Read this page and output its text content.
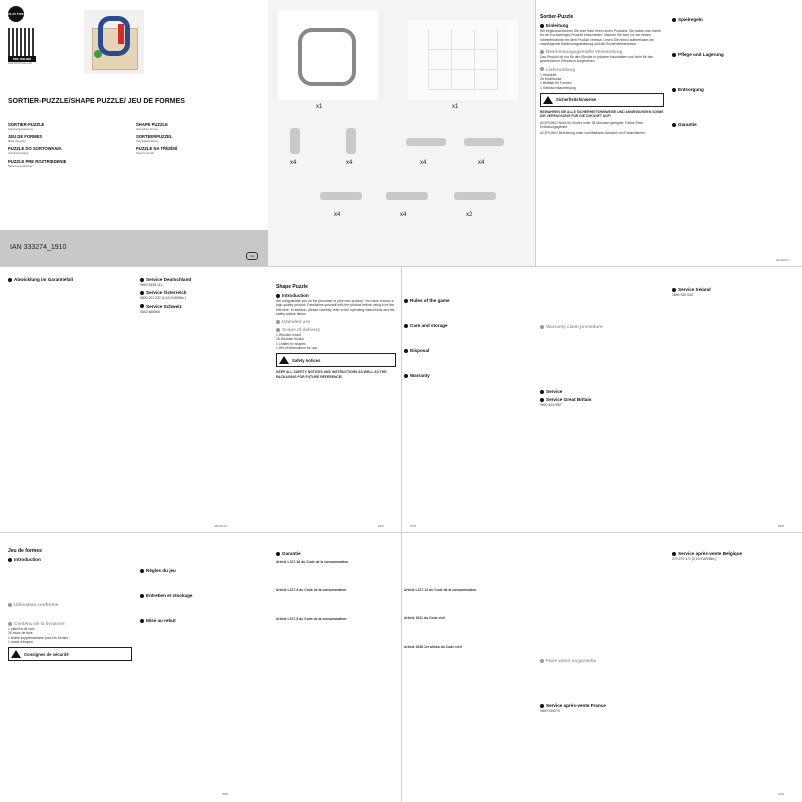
PLAY TIVE
PDF ONLINE
www.lidl-service.com
SORTIER-PUZZLE/SHAPE PUZZLE/ JEU DE FORMES
SORTIER-PUZZLE
Gebrauchsanweisung
JEU DE FORMES
Mode d'emploi
PUZZLE DO SORTOWANIA
Instrukcja obsługi
PUZZLE PRE ROZTRIEDENIE
Návod na používanie
SHAPE PUZZLE
Instructions for use
SORTEERPUZZEL
Gebruiksaanwijzing
PUZZLE NA TŘÍDĚNÍ
Návod k použití
IAN 333274_1910
CH
x1	x1
x4	x4	x4	x4
x4	x4	x2
Sortier-Puzzle
Einleitung
Wir beglückwünschen Sie zum Kauf Ihres neuen Produkts. Sie haben sich damit für ein hochwertiges Produkt entschieden. Machen Sie sich vor der ersten Inbetriebnahme mit dem Produkt vertraut. Lesen Sie hierzu aufmerksam die nachfolgende Bedienungsanleitung und die Sicherheitshinweise.
Bestimmungsgemäße Verwendung
Das Produkt ist nur für den Einsatz in privaten Haushalten und nicht für den gewerblichen Gebrauch vorgesehen.
Lieferumfang
1 Holzbrett
26 Holzblöcke
1 Beiblatt für Formen
1 Gebrauchsanweisung
Sicherheitshinweise
BEWAHREN SIE ALLE SICHERHEITSHINWEISE UND ANWEISUNGEN SOWIE DIE VERPACKUNG FÜR DIE ZUKUNFT AUF!
ACHTUNG! Nicht für Kinder unter 36 Monaten geeignet. Kleine Teile. Erstickungsgefahr.
ACHTUNG! Benutzung unter unmittelbarer Aufsicht von Erwachsenen.
Spielregeln
Pflege und Lagerung
Entsorgung
Garantie
04/42/CH
Abwicklung im Garantiefall	Service Deutschland
0800 5435 111
Service Österreich
0800 201 222 (0,15 EUR/Min.)
Service Schweiz
0842 665566
05/42/CH
Shape Puzzle
Introduction
We congratulate you on the purchase of your new product. You have chosen a high quality product. Familiarise yourself with the product before using it for the first time. In addition, please carefully refer to the operating instructions and the safety advice below.
Intended use
Scope of delivery
1 Wooden board
26 Wooden blocks
1 Leaflet for shapes
1 Set of instructions for use
Safety notices
KEEP ALL SAFETY NOTICES AND INSTRUCTIONS AS WELL AS THE PACKAGING FOR FUTURE REFERENCE!
Rules of the game
Care and storage
Disposal
Warranty
Warranty claim procedure
Service
Service Great Britain
0800 4047657
Service Ireland
1890 930 034
06/8	07/8	08/8
Jeu de formes
Introduction
Utilisation conforme
Contenu de la livraison
1 planche de bois
26 blocs de bois
1 feuille supplémentaire pour les formes
1 mode d'emploi
Consignes de sécurité
Règles du jeu
Entretien et stockage
Mise au rebut
Garantie
Article L217-16 du Code de la consommation
Article L217-4 du Code de la consommation
Article L217-5 du Code de la consommation
Article L217-12 du Code de la consommation
Article 1641 du Code civil
Article 1648 1er alinéa du Code civil
Faire valoir sa garantie
Service après-vente France
0800 919270
Service après-vente Belgique
070 270 171 (0,15 EUR/Min.)
09/8	10/8
